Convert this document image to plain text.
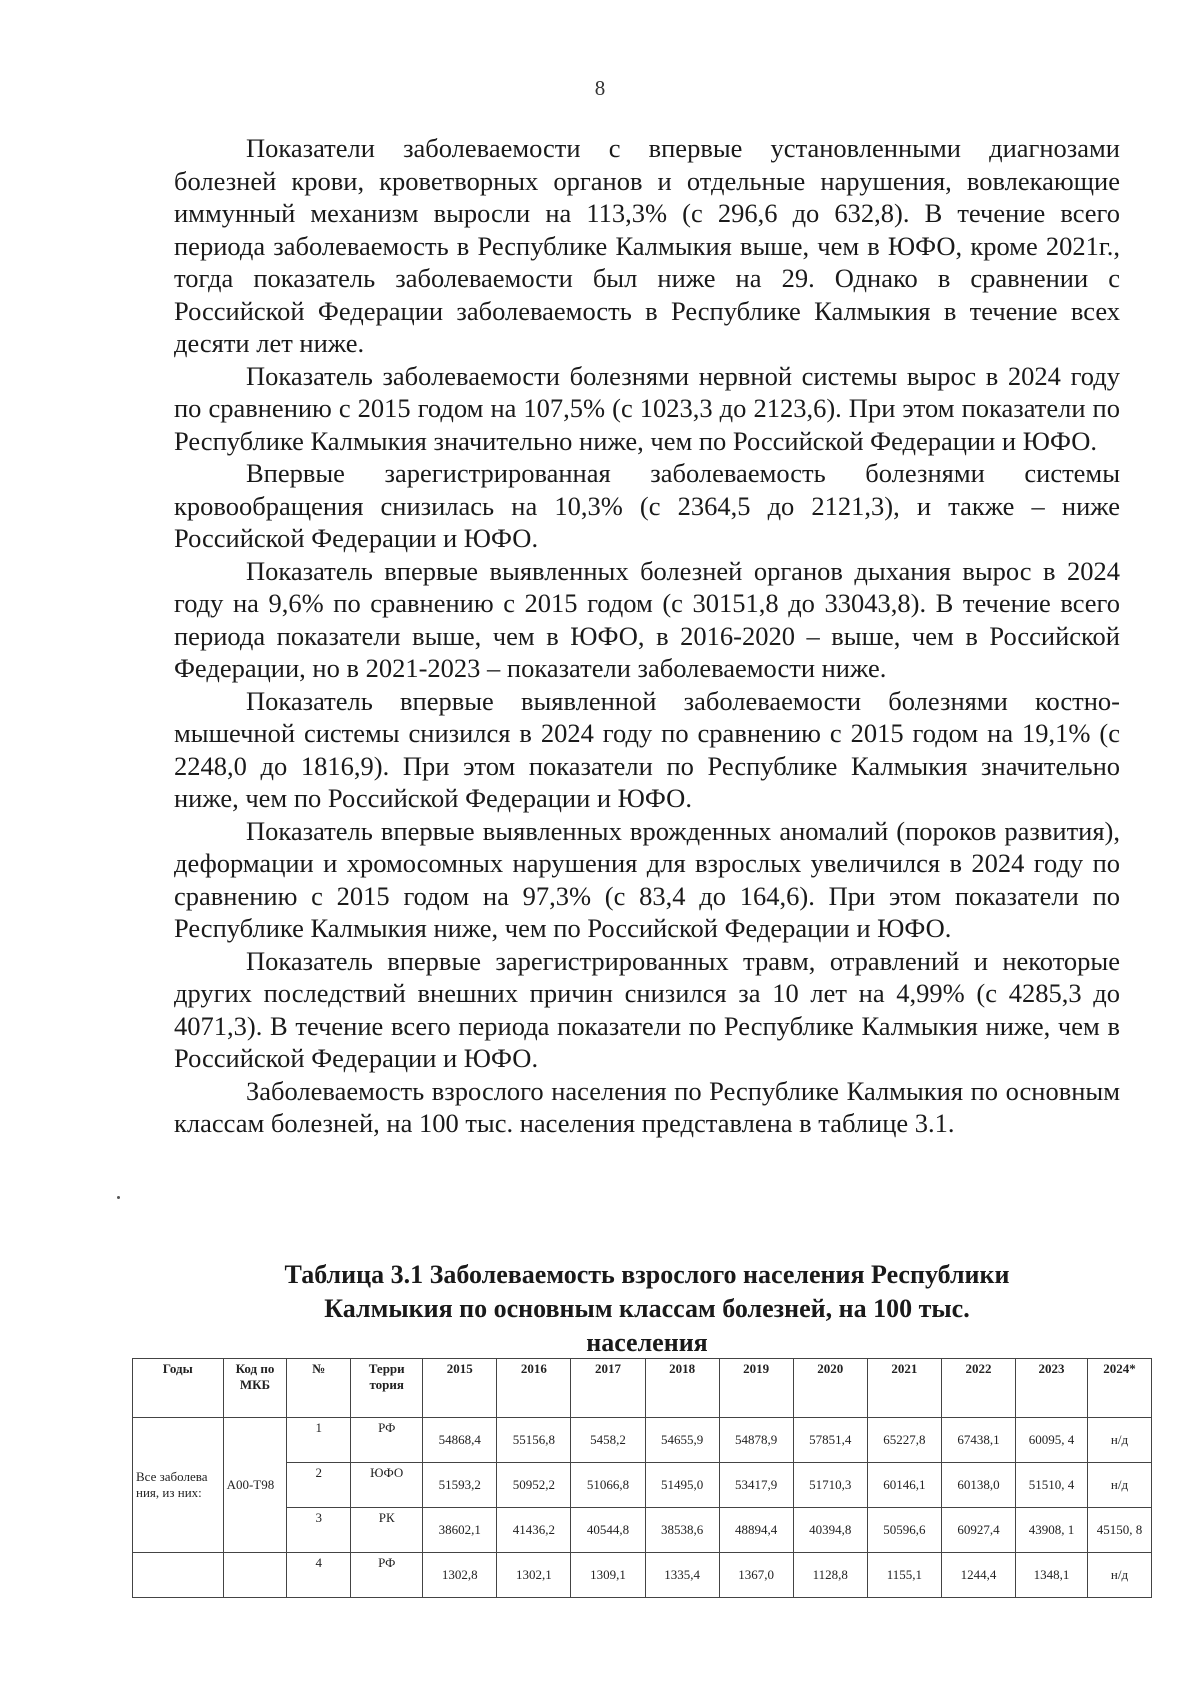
8

Показатели заболеваемости с впервые установленными диагнозами болезней крови, кроветворных органов и отдельные нарушения, вовлекающие иммунный механизм выросли на 113,3% (с 296,6 до 632,8). В течение всего периода заболеваемость в Республике Калмыкия выше, чем в ЮФО, кроме 2021г., тогда показатель заболеваемости был ниже на 29. Однако в сравнении с Российской Федерации заболеваемость в Республике Калмыкия в течение всех десяти лет ниже.

Показатель заболеваемости болезнями нервной системы вырос в 2024 году по сравнению с 2015 годом на 107,5% (с 1023,3 до 2123,6). При этом показатели по Республике Калмыкия значительно ниже, чем по Российской Федерации и ЮФО.

Впервые зарегистрированная заболеваемость болезнями системы кровообращения снизилась на 10,3% (с 2364,5 до 2121,3), и также – ниже Российской Федерации и ЮФО.

Показатель впервые выявленных болезней органов дыхания вырос в 2024 году на 9,6% по сравнению с 2015 годом (с 30151,8 до 33043,8). В течение всего периода показатели выше, чем в ЮФО, в 2016-2020 – выше, чем в Российской Федерации, но в 2021-2023 – показатели заболеваемости ниже.

Показатель впервые выявленной заболеваемости болезнями костно-мышечной системы снизился в 2024 году по сравнению с 2015 годом на 19,1% (с 2248,0 до 1816,9). При этом показатели по Республике Калмыкия значительно ниже, чем по Российской Федерации и ЮФО.

Показатель впервые выявленных врожденных аномалий (пороков развития), деформации и хромосомных нарушения для взрослых увеличился в 2024 году по сравнению с 2015 годом на 97,3% (с 83,4 до 164,6). При этом показатели по Республике Калмыкия ниже, чем по Российской Федерации и ЮФО.

Показатель впервые зарегистрированных травм, отравлений и некоторые других последствий внешних причин снизился за 10 лет на 4,99% (с 4285,3 до 4071,3). В течение всего периода показатели по Республике Калмыкия ниже, чем в Российской Федерации и ЮФО.

Заболеваемость взрослого населения по Республике Калмыкия по основным классам болезней, на 100 тыс. населения представлена в таблице 3.1.

Таблица 3.1 Заболеваемость взрослого населения Республики
Калмыкия по основным классам болезней, на 100 тыс.
населения
Годы	Код по МКБ	№	Терри тория	2015	2016	2017	2018	2019	2020	2021	2022	2023	2024*
Все заболева ния, из них:	A00-T98	1	РФ	54868,4	55156,8	5458,2	54655,9	54878,9	57851,4	65227,8	67438,1	60095, 4	н/д
		2	ЮФО	51593,2	50952,2	51066,8	51495,0	53417,9	51710,3	60146,1	60138,0	51510, 4	н/д
		3	РК	38602,1	41436,2	40544,8	38538,6	48894,4	40394,8	50596,6	60927,4	43908, 1	45150, 8
		4	РФ	1302,8	1302,1	1309,1	1335,4	1367,0	1128,8	1155,1	1244,4	1348,1	н/д
